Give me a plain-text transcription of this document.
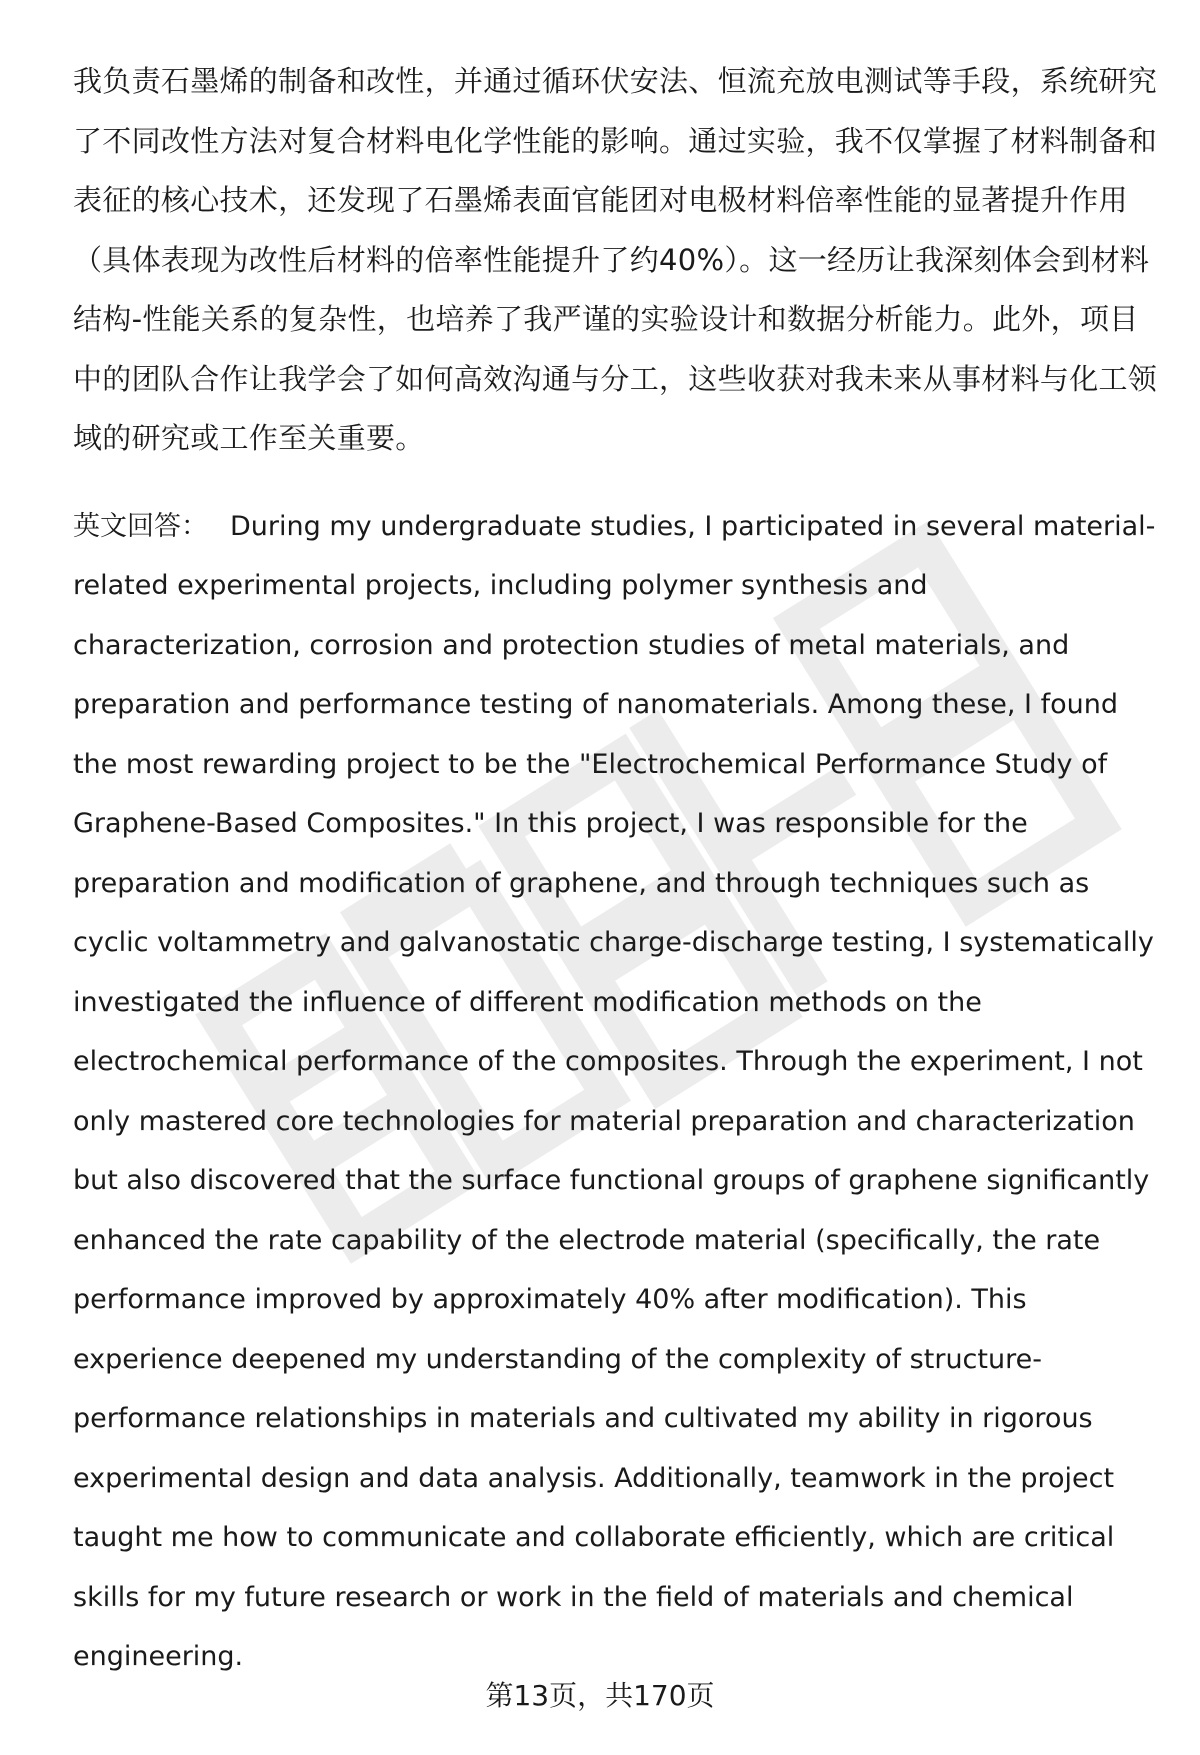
我负责石墨烯的制备和改性，并通过循环伏安法、恒流充放电测试等手段，系统研究了不同改性方法对复合材料电化学性能的影响。通过实验，我不仅掌握了材料制备和表征的核心技术，还发现了石墨烯表面官能团对电极材料倍率性能的显著提升作用（具体表现为改性后材料的倍率性能提升了约40%）。这一经历让我深刻体会到材料结构-性能关系的复杂性，也培养了我严谨的实验设计和数据分析能力。此外，项目中的团队合作让我学会了如何高效沟通与分工，这些收获对我未来从事材料与化工领域的研究或工作至关重要。

英文回答： During my undergraduate studies, I participated in several material-related experimental projects, including polymer synthesis and characterization, corrosion and protection studies of metal materials, and preparation and performance testing of nanomaterials. Among these, I found the most rewarding project to be the "Electrochemical Performance Study of Graphene-Based Composites." In this project, I was responsible for the preparation and modification of graphene, and through techniques such as cyclic voltammetry and galvanostatic charge-discharge testing, I systematically investigated the influence of different modification methods on the electrochemical performance of the composites. Through the experiment, I not only mastered core technologies for material preparation and characterization but also discovered that the surface functional groups of graphene significantly enhanced the rate capability of the electrode material (specifically, the rate performance improved by approximately 40% after modification). This experience deepened my understanding of the complexity of structure-performance relationships in materials and cultivated my ability in rigorous experimental design and data analysis. Additionally, teamwork in the project taught me how to communicate and collaborate efficiently, which are critical skills for my future research or work in the field of materials and chemical engineering.

第13页，共170页
